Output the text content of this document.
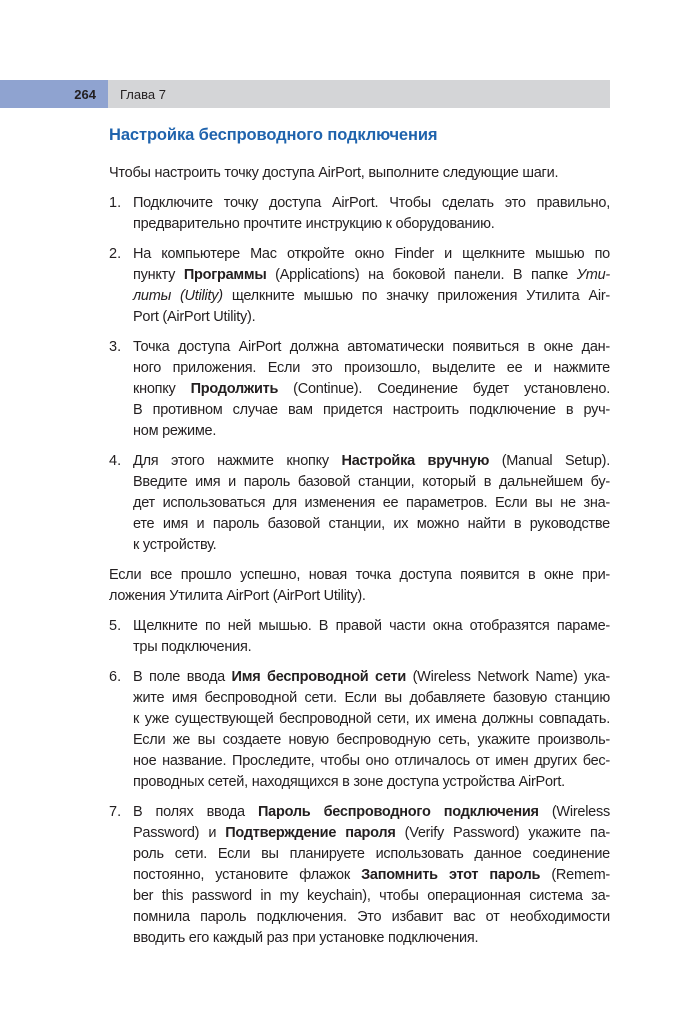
264 Глава 7
Настройка беспроводного подключения
Чтобы настроить точку доступа AirPort, выполните следующие шаги.
1. Подключите точку доступа AirPort. Чтобы сделать это правильно,
предварительно прочтите инструкцию к оборудованию.
2. На компьютере Mac откройте окно Finder и щелкните мышью по
пункту Программы (Applications) на боковой панели. В папке Ути-
литы (Utility) щелкните мышью по значку приложения Утилита Air-
Port (AirPort Utility).
3. Точка доступа AirPort должна автоматически появиться в окне дан-
ного приложения. Если это произошло, выделите ее и нажмите
кнопку Продолжить (Continue). Соединение будет установлено.
В противном случае вам придется настроить подключение в руч-
ном режиме.
4. Для этого нажмите кнопку Настройка вручную (Manual Setup).
Введите имя и пароль базовой станции, который в дальнейшем бу-
дет использоваться для изменения ее параметров. Если вы не зна-
ете имя и пароль базовой станции, их можно найти в руководстве
к устройству.
Если все прошло успешно, новая точка доступа появится в окне при-
ложения Утилита AirPort (AirPort Utility).
5. Щелкните по ней мышью. В правой части окна отобразятся параме-
тры подключения.
6. В поле ввода Имя беспроводной сети (Wireless Network Name) ука-
жите имя беспроводной сети. Если вы добавляете базовую станцию
к уже существующей беспроводной сети, их имена должны совпадать.
Если же вы создаете новую беспроводную сеть, укажите произволь-
ное название. Проследите, чтобы оно отличалось от имен других бес-
проводных сетей, находящихся в зоне доступа устройства AirPort.
7. В полях ввода Пароль беспроводного подключения (Wireless
Password) и Подтверждение пароля (Verify Password) укажите па-
роль сети. Если вы планируете использовать данное соединение
постоянно, установите флажок Запомнить этот пароль (Remem-
ber this password in my keychain), чтобы операционная система за-
помнила пароль подключения. Это избавит вас от необходимости
вводить его каждый раз при установке подключения.
